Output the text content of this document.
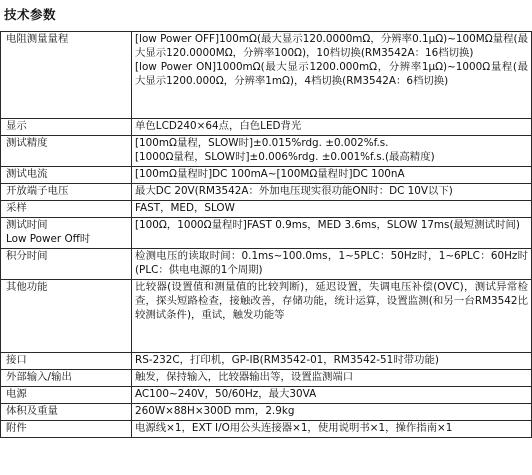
技术参数
电阻测量量程	[low Power OFF]100mΩ(最大显示120.0000mΩ，分辨率0.1μΩ)~100MΩ量程(最大显示120.0000MΩ，分辨率100Ω)，10档切换(RM3542A：16档切换)
[low Power ON]1000mΩ(最大显示1200.000mΩ，分辨率1μΩ)~1000Ω量程(最大显示1200.000Ω，分辨率1mΩ)，4档切换(RM3542A：6档切换)

显示	单色LCD240×64点，白色LED背光

测试精度	[100mΩ量程，SLOW时]±0.015%rdg. ±0.002%f.s.
[1000Ω量程，SLOW时]±0.006%rdg. ±0.001%f.s.(最高精度)

测试电流	[100mΩ量程时]DC 100mA~[100MΩ量程时]DC 100nA

开放端子电压	最大DC 20V(RM3542A：外加电压现实很功能ON时：DC 10V以下)

采样	FAST，MED，SLOW

测试时间
Low Power Off时	[100Ω，1000Ω量程时]FAST 0.9ms，MED 3.6ms，SLOW 17ms(最短测试时间)

积分时间	检测电压的读取时间：0.1ms~100.0ms，1~5PLC：50Hz时，1~6PLC：60Hz时(PLC：供电电源的1个周期)

其他功能	比较器(设置值和测量值的比较判断)，延迟设置，失调电压补偿(OVC)，测试异常检查，探头短路检查，接触改善，存储功能，统计运算，设置监测(和另一台RM3542比较测试条件)，重试，触发功能等

接口	RS-232C，打印机，GP-IB(RM3542-01，RM3542-51时带功能)

外部输入/输出	触发，保持输入，比较器输出等，设置监测端口

电源	AC100~240V，50/60Hz，最大30VA

体积及重量	260W×88H×300D mm，2.9kg

附件	电源线×1，EXT I/O用公头连接器×1，使用说明书×1，操作指南×1
